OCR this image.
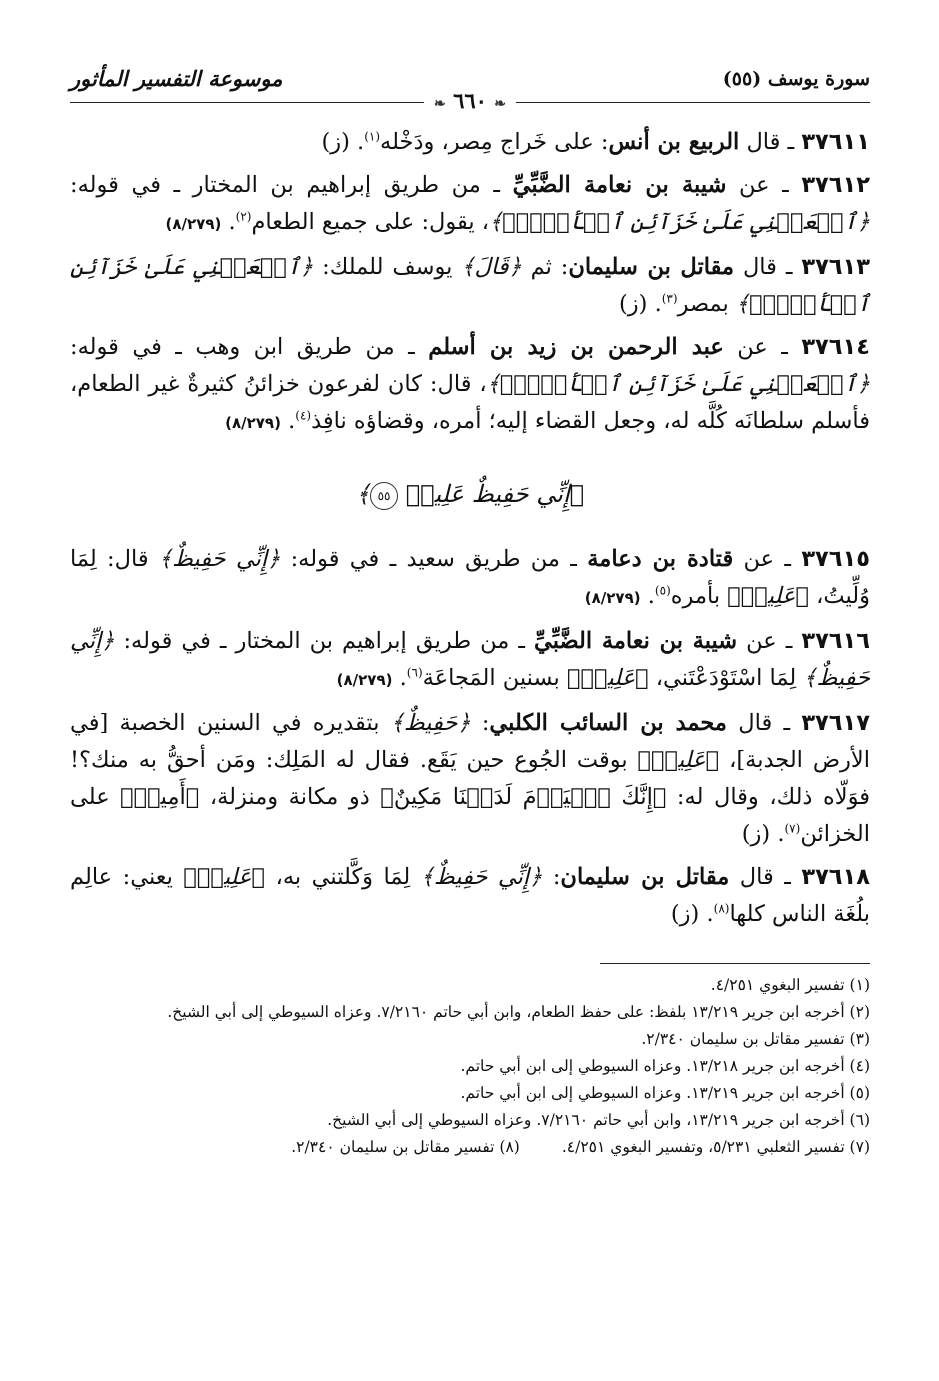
سورة يوسف (٥٥)
موسوعة التفسير المأثور
❧ ٦٦٠ ❧

٣٧٦١١ ـ قال الربيع بن أنس: على خَراج مِصر، ودَخْله$^{(١)}$. (ز)

٣٧٦١٢ ـ عن شيبة بن نعامة الضَّبِّيِّ ـ من طريق إبراهيم بن المختار ـ في قوله: ﴿ٱجۡعَلۡنِي عَلَىٰ خَزَآئِنِ ٱلۡأَرۡضِۖ﴾، يقول: على جميع الطعام$^{(٢)}$. (٨/٢٧٩)

٣٧٦١٣ ـ قال مقاتل بن سليمان: ثم ﴿قَالَ﴾ يوسف للملك: ﴿ٱجۡعَلۡنِي عَلَىٰ خَزَآئِنِ ٱلۡأَرۡضِۖ﴾ بمصر$^{(٣)}$. (ز)

٣٧٦١٤ ـ عن عبد الرحمن بن زيد بن أسلم ـ من طريق ابن وهب ـ في قوله: ﴿ٱجۡعَلۡنِي عَلَىٰ خَزَآئِنِ ٱلۡأَرۡضِۖ﴾، قال: كان لفرعون خزائنُ كثيرةٌ غير الطعام، فأسلم سلطانَه كُلَّه له، وجعل القضاء إليه؛ أمره، وقضاؤه نافِذ$^{(٤)}$. (٨/٢٧٩)

﴿إِنِّي حَفِيظٌ عَلِيمٞ ٥٥﴾

٣٧٦١٥ ـ عن قتادة بن دعامة ـ من طريق سعيد ـ في قوله: ﴿إِنِّي حَفِيظٌ﴾ قال: لِمَا وُلِّيتُ، ﴿عَلِيمٞ﴾ بأمره$^{(٥)}$. (٨/٢٧٩)

٣٧٦١٦ ـ عن شيبة بن نعامة الضَّبِّيِّ ـ من طريق إبراهيم بن المختار ـ في قوله: ﴿إِنِّي حَفِيظٌ﴾ لِمَا اسْتَوْدَعْتَني، ﴿عَلِيمٞ﴾ بسنين المَجاعَة$^{(٦)}$. (٨/٢٧٩)

٣٧٦١٧ ـ قال محمد بن السائب الكلبي: ﴿حَفِيظٌ﴾ بتقديره في السنين الخصبة [في الأرض الجدبة]، ﴿عَلِيمٞ﴾ بوقت الجُوع حين يَقَع. فقال له المَلِك: ومَن أحقُّ به منك؟! فوَلّاه ذلك، وقال له: ﴿إِنَّكَ ٱلۡيَوۡمَ لَدَيۡنَا مَكِينٌ﴾ ذو مكانة ومنزلة، ﴿أَمِينٞ﴾ على الخزائن$^{(٧)}$. (ز)

٣٧٦١٨ ـ قال مقاتل بن سليمان: ﴿إِنِّي حَفِيظٌ﴾ لِمَا وَكَّلتني به، ﴿عَلِيمٞ﴾ يعني: عالِم بلُغَة الناس كلها$^{(٨)}$. (ز)

(١) تفسير البغوي ٤/٢٥١.

(٢) أخرجه ابن جرير ١٣/٢١٩ بلفظ: على حفظ الطعام، وابن أبي حاتم ٧/٢١٦٠. وعزاه السيوطي إلى أبي الشيخ.

(٣) تفسير مقاتل بن سليمان ٢/٣٤٠.

(٤) أخرجه ابن جرير ١٣/٢١٨. وعزاه السيوطي إلى ابن أبي حاتم.

(٥) أخرجه ابن جرير ١٣/٢١٩. وعزاه السيوطي إلى ابن أبي حاتم.

(٦) أخرجه ابن جرير ١٣/٢١٩، وابن أبي حاتم ٧/٢١٦٠. وعزاه السيوطي إلى أبي الشيخ.

(٧) تفسير الثعلبي ٥/٢٣١، وتفسير البغوي ٤/٢٥١.
(٨) تفسير مقاتل بن سليمان ٢/٣٤٠.
